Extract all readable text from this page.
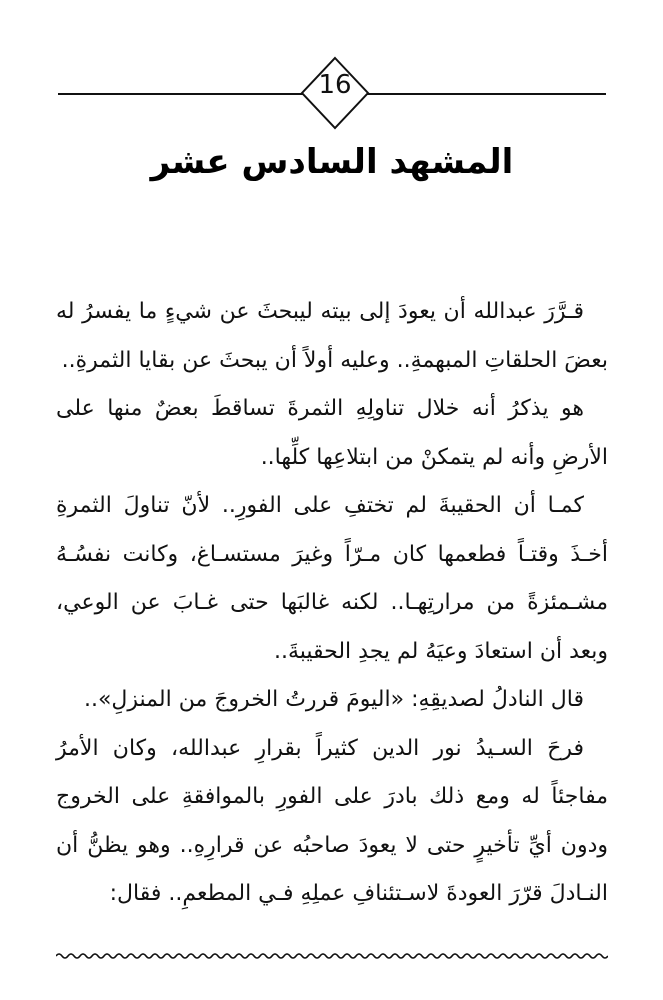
16
المشهد السادس عشر

قـرَّرَ عبدالله أن يعودَ إلى بيته ليبحثَ عن شيءٍ ما يفسرُ له بعضَ الحلقاتِ المبهمةِ.. وعليه أولاً أن يبحثَ عن بقايا الثمرةِ..

هو يذكرُ أنه خلال تناولِهِ الثمرةَ تساقطَ بعضٌ منها على الأرضِ وأنه لم يتمكنْ من ابتلاعِها كلِّها..

كمـا أن الحقيبةَ لم تختفِ على الفورِ.. لأنّ تناولَ الثمرةِ أخـذَ وقتـاً فطعمها كان مـرّاً وغيرَ مستسـاغ، وكانت نفسُـهُ مشـمئزةً من مرارتِهـا.. لكنه غالبَها حتى غـابَ عن الوعي، وبعد أن استعادَ وعيَهُ لم يجدِ الحقيبةَ..

قال النادلُ لصديقِهِ: «اليومَ قررتُ الخروجَ من المنزلِ»..

فرحَ السـيدُ نور الدين كثيراً بقرارِ عبدالله، وكان الأمرُ مفاجئاً له ومع ذلك بادرَ على الفورِ بالموافقةِ على الخروج ودون أيِّ تأخيرٍ حتى لا يعودَ صاحبُه عن قرارِهِ.. وهو يظنُّ أن النـادلَ قرّرَ العودةَ لاسـتئنافِ عملِهِ فـي المطعمِ.. فقال:
